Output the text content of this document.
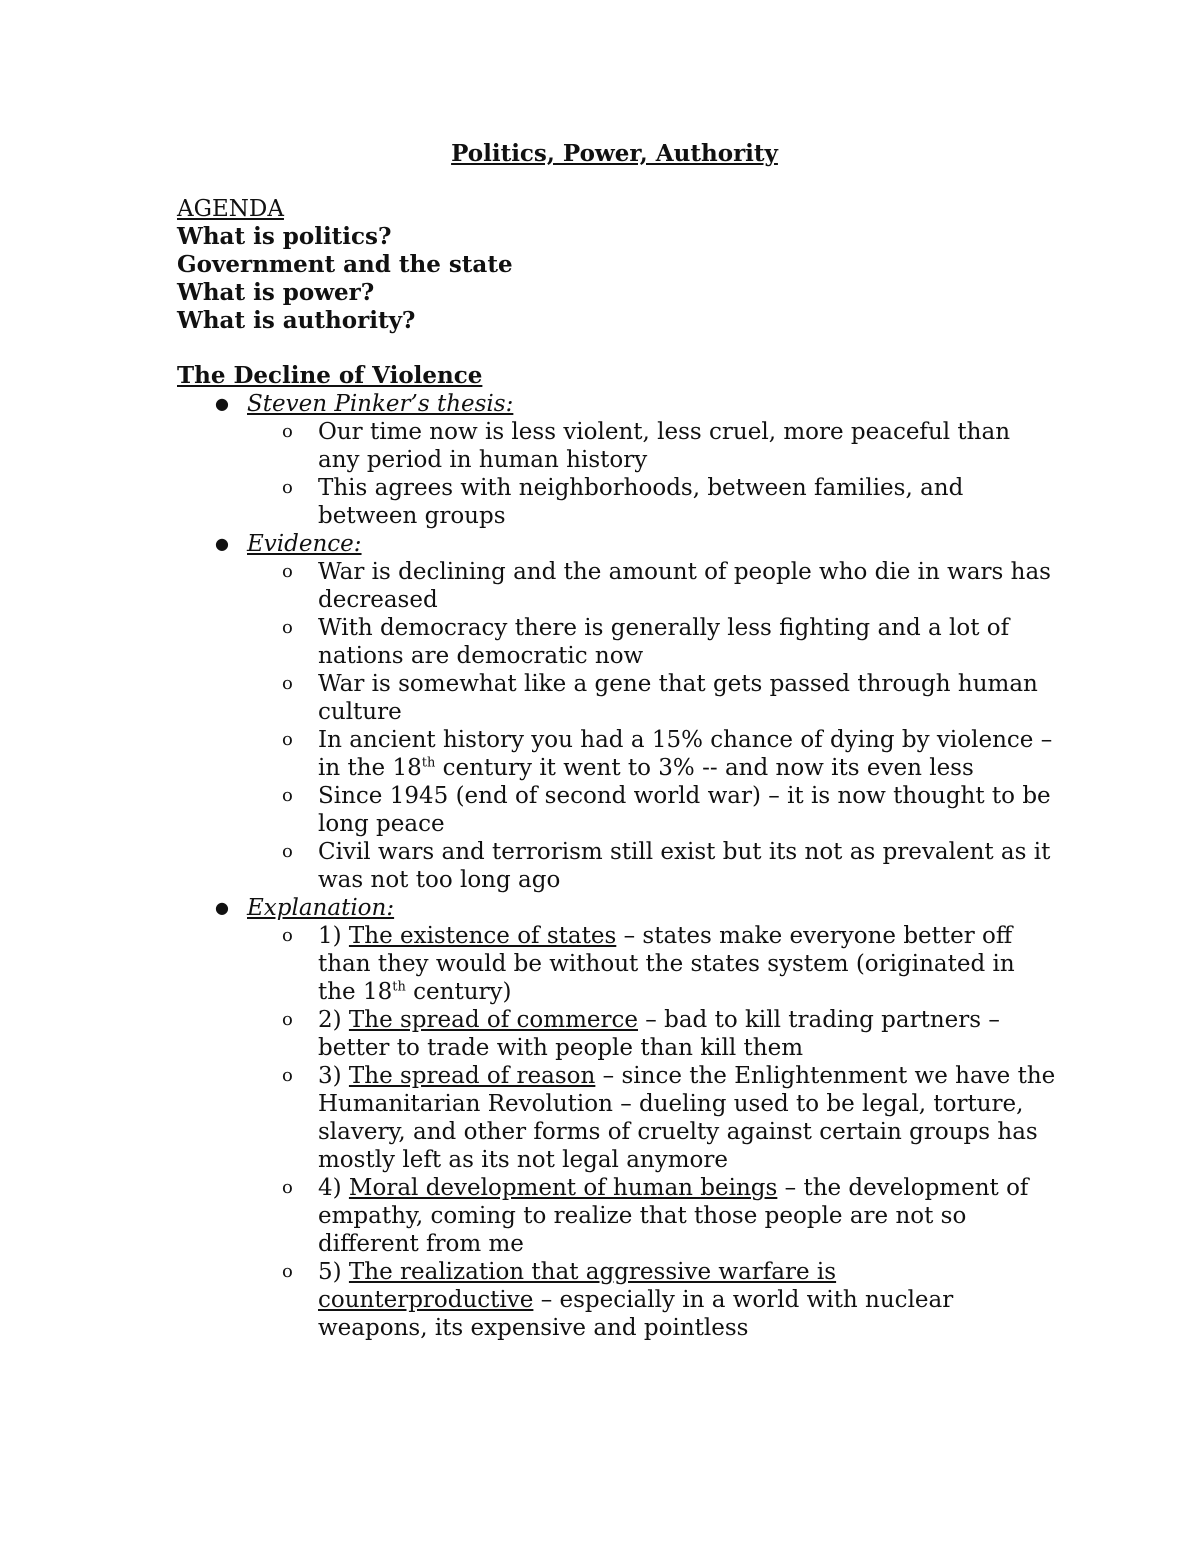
Politics, Power, Authority
AGENDA
What is politics?
Government and the state
What is power?
What is authority?
The Decline of Violence
● Steven Pinker’s thesis:
o Our time now is less violent, less cruel, more peaceful than any period in human history
o This agrees with neighborhoods, between families, and between groups
● Evidence:
o War is declining and the amount of people who die in wars has decreased
o With democracy there is generally less fighting and a lot of nations are democratic now
o War is somewhat like a gene that gets passed through human culture
o In ancient history you had a 15% chance of dying by violence – in the 18th century it went to 3% -- and now its even less
o Since 1945 (end of second world war) – it is now thought to be long peace
o Civil wars and terrorism still exist but its not as prevalent as it was not too long ago
● Explanation:
o 1) The existence of states – states make everyone better off than they would be without the states system (originated in the 18th century)
o 2) The spread of commerce – bad to kill trading partners – better to trade with people than kill them
o 3) The spread of reason – since the Enlightenment we have the Humanitarian Revolution – dueling used to be legal, torture, slavery, and other forms of cruelty against certain groups has mostly left as its not legal anymore
o 4) Moral development of human beings – the development of empathy, coming to realize that those people are not so different from me
o 5) The realization that aggressive warfare is counterproductive – especially in a world with nuclear weapons, its expensive and pointless
